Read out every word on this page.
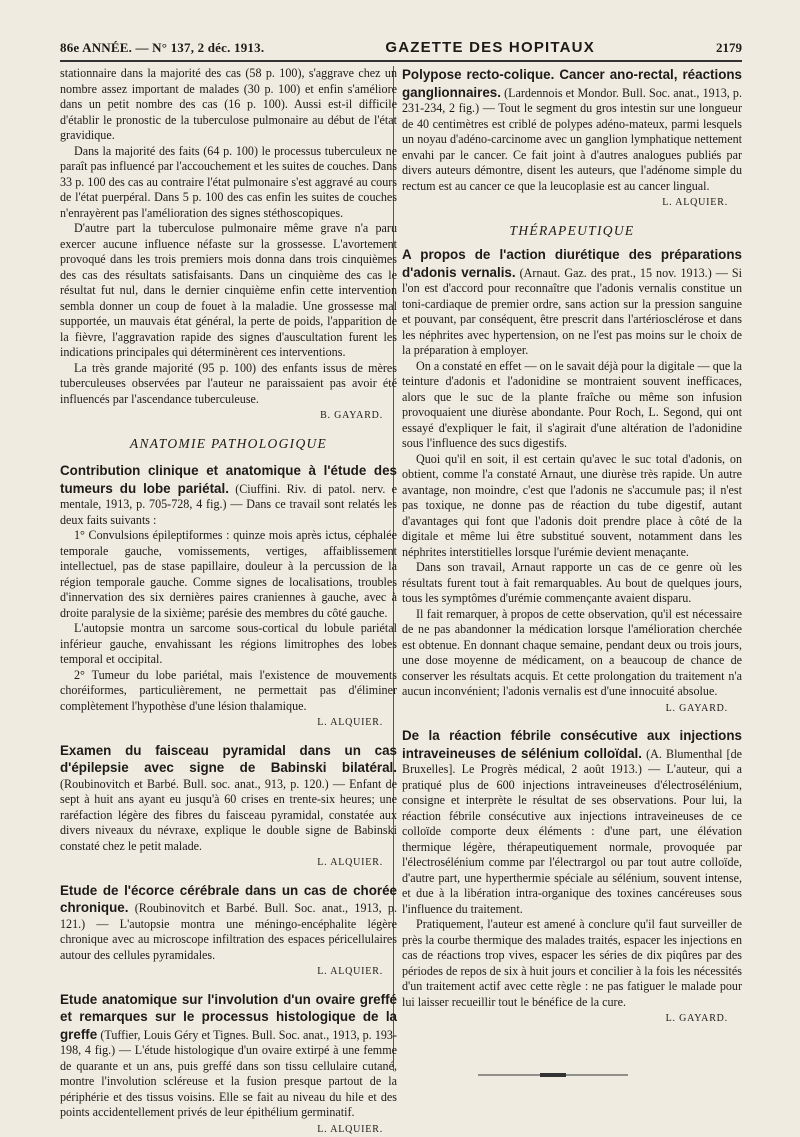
86e ANNÉE. — N° 137, 2 déc. 1913.	GAZETTE DES HOPITAUX	2179

stationnaire dans la majorité des cas (58 p. 100), s'aggrave chez un nombre assez important de malades (30 p. 100) et enfin s'améliore dans un petit nombre des cas (16 p. 100). Aussi est-il difficile d'établir le pronostic de la tuberculose pulmonaire au début de l'état gravidique.

Dans la majorité des faits (64 p. 100) le processus tuberculeux ne paraît pas influencé par l'accouchement et les suites de couches. Dans 33 p. 100 des cas au contraire l'état pulmonaire s'est aggravé au cours de l'état puerpéral. Dans 5 p. 100 des cas enfin les suites de couches n'enrayèrent pas l'amélioration des signes stéthoscopiques.

D'autre part la tuberculose pulmonaire même grave n'a paru exercer aucune influence néfaste sur la grossesse. L'avortement provoqué dans les trois premiers mois donna dans trois cinquièmes des cas des résultats satisfaisants. Dans un cinquième des cas le résultat fut nul, dans le dernier cinquième enfin cette intervention sembla donner un coup de fouet à la maladie. Une grossesse mal supportée, un mauvais état général, la perte de poids, l'apparition de la fièvre, l'aggravation rapide des signes d'auscultation furent les indications principales qui déterminèrent ces interventions.

La très grande majorité (95 p. 100) des enfants issus de mères tuberculeuses observées par l'auteur ne paraissaient pas avoir été influencés par l'ascendance tuberculeuse.

B. GAYARD.

ANATOMIE PATHOLOGIQUE

Contribution clinique et anatomique à l'étude des tumeurs du lobe pariétal. (Ciuffini. Riv. di patol. nerv. e mentale, 1913, p. 705-728, 4 fig.) — Dans ce travail sont relatés les deux faits suivants :

1° Convulsions épileptiformes : quinze mois après ictus, céphalée temporale gauche, vomissements, vertiges, affaiblissement intellectuel, pas de stase papillaire, douleur à la percussion de la région temporale gauche. Comme signes de localisations, troubles d'innervation des six dernières paires craniennes à gauche, avec à droite paralysie de la sixième; parésie des membres du côté gauche.

L'autopsie montra un sarcome sous-cortical du lobule pariétal inférieur gauche, envahissant les régions limitrophes des lobes temporal et occipital.

2° Tumeur du lobe pariétal, mais l'existence de mouvements choréiformes, particulièrement, ne permettait pas d'éliminer complètement l'hypothèse d'une lésion thalamique.

L. ALQUIER.

Examen du faisceau pyramidal dans un cas d'épilepsie avec signe de Babinski bilatéral. (Roubinovitch et Barbé. Bull. soc. anat., 913, p. 120.) — Enfant de sept à huit ans ayant eu jusqu'à 60 crises en trente-six heures; une raréfaction légère des fibres du faisceau pyramidal, constatée aux divers niveaux du névraxe, explique le double signe de Babinski constaté chez le petit malade.

L. ALQUIER.

Etude de l'écorce cérébrale dans un cas de chorée chronique. (Roubinovitch et Barbé. Bull. Soc. anat., 1913, p. 121.) — L'autopsie montra une méningo-encéphalite légère chronique avec au microscope infiltration des espaces péricellulaires autour des cellules pyramidales.

L. ALQUIER.

Etude anatomique sur l'involution d'un ovaire greffé et remarques sur le processus histologique de la greffe (Tuffier, Louis Géry et Tignes. Bull. Soc. anat., 1913, p. 193-198, 4 fig.) — L'étude histologique d'un ovaire extirpé à une femme de quarante et un ans, puis greffé dans son tissu cellulaire cutané, montre l'involution scléreuse et la fusion presque partout de la périphérie et des tissus voisins. Elle se fait au niveau du hile et des points accidentellement privés de leur épithélium germinatif.

L. ALQUIER.

Polypose recto-colique. Cancer ano-rectal, réactions ganglionnaires. (Lardennois et Mondor. Bull. Soc. anat., 1913, p. 231-234, 2 fig.) — Tout le segment du gros intestin sur une longueur de 40 centimètres est criblé de polypes adéno-mateux, parmi lesquels un noyau d'adéno-carcinome avec un ganglion lymphatique nettement envahi par le cancer. Ce fait joint à d'autres analogues publiés par divers auteurs démontre, disent les auteurs, que l'adénome simple du rectum est au cancer ce que la leucoplasie est au cancer lingual.

L. ALQUIER.

THÉRAPEUTIQUE

A propos de l'action diurétique des préparations d'adonis vernalis. (Arnaut. Gaz. des prat., 15 nov. 1913.) — Si l'on est d'accord pour reconnaître que l'adonis vernalis constitue un toni-cardiaque de premier ordre, sans action sur la pression sanguine et pouvant, par conséquent, être prescrit dans l'artériosclérose et dans les néphrites avec hypertension, on ne l'est pas moins sur le choix de la préparation à employer.

On a constaté en effet — on le savait déjà pour la digitale — que la teinture d'adonis et l'adonidine se montraient souvent inefficaces, alors que le suc de la plante fraîche ou même son infusion provoquaient une diurèse abondante. Pour Roch, L. Segond, qui ont essayé d'expliquer le fait, il s'agirait d'une altération de l'adonidine sous l'influence des sucs digestifs.

Quoi qu'il en soit, il est certain qu'avec le suc total d'adonis, on obtient, comme l'a constaté Arnaut, une diurèse très rapide. Un autre avantage, non moindre, c'est que l'adonis ne s'accumule pas; il n'est pas toxique, ne donne pas de réaction du tube digestif, autant d'avantages qui font que l'adonis doit prendre place à côté de la digitale et même lui être substitué souvent, notamment dans les néphrites interstitielles lorsque l'urémie devient menaçante.

Dans son travail, Arnaut rapporte un cas de ce genre où les résultats furent tout à fait remarquables. Au bout de quelques jours, tous les symptômes d'urémie commençante avaient disparu.

Il fait remarquer, à propos de cette observation, qu'il est nécessaire de ne pas abandonner la médication lorsque l'amélioration cherchée est obtenue. En donnant chaque semaine, pendant deux ou trois jours, une dose moyenne de médicament, on a beaucoup de chance de conserver les résultats acquis. Et cette prolongation du traitement n'a aucun inconvénient; l'adonis vernalis est d'une innocuité absolue.

L. GAYARD.

De la réaction fébrile consécutive aux injections intraveineuses de sélénium colloïdal. (A. Blumenthal [de Bruxelles]. Le Progrès médical, 2 août 1913.) — L'auteur, qui a pratiqué plus de 600 injections intraveineuses d'électrosélénium, consigne et interprète le résultat de ses observations. Pour lui, la réaction fébrile consécutive aux injections intraveineuses de ce colloïde comporte deux éléments : d'une part, une élévation thermique légère, thérapeutiquement normale, provoquée par l'électrosélénium comme par l'électrargol ou par tout autre colloïde, d'autre part, une hyperthermie spéciale au sélénium, souvent intense, et due à la libération intra-organique des toxines cancéreuses sous l'influence du traitement.

Pratiquement, l'auteur est amené à conclure qu'il faut surveiller de près la courbe thermique des malades traités, espacer les injections en cas de réactions trop vives, espacer les séries de dix piqûres par des périodes de repos de six à huit jours et concilier à la fois les nécessités d'un traitement actif avec cette règle : ne pas fatiguer le malade pour lui laisser recueillir tout le bénéfice de la cure.

L. GAYARD.
